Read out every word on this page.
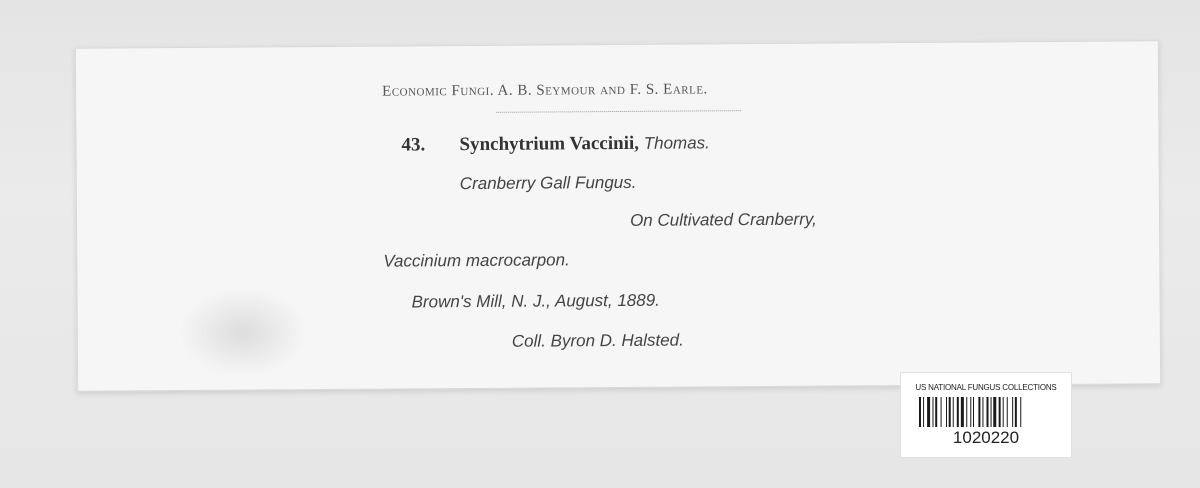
Economic Fungi. A. B. Seymour and F. S. Earle.
43. Synchytrium Vaccinii, Thomas.
Cranberry Gall Fungus.
On Cultivated Cranberry,
Vaccinium macrocarpon.
Brown's Mill, N. J., August, 1889.
Coll. Byron D. Halsted.
US NATIONAL FUNGUS COLLECTIONS
1020220
